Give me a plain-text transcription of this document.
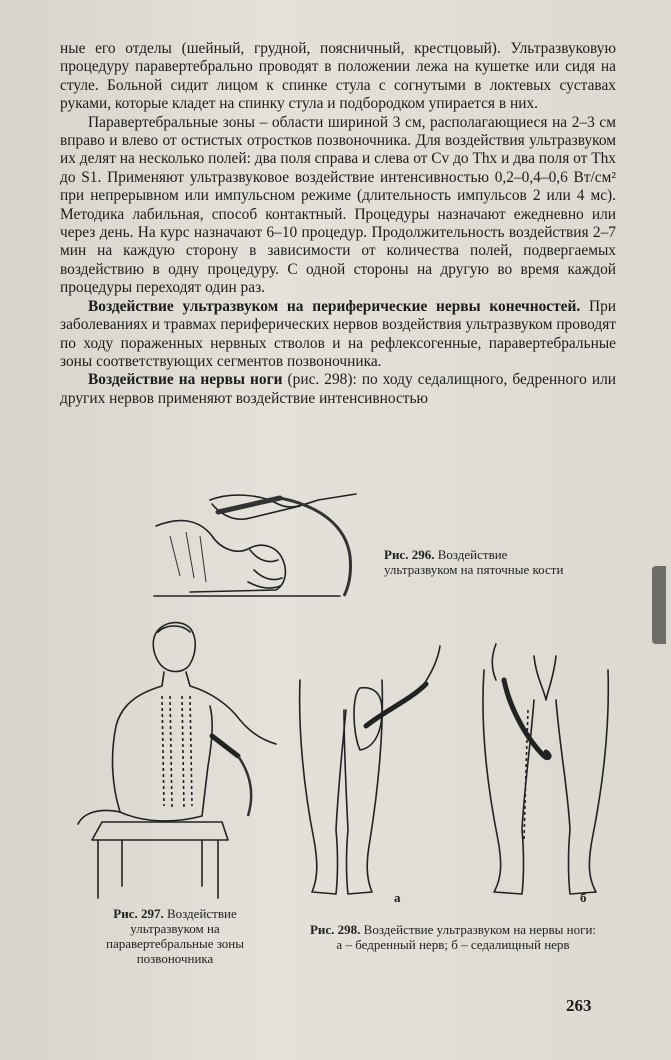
ные его отделы (шейный, грудной, поясничный, крестцовый). Ультразвуковую процедуру паравертебрально проводят в положении лежа на кушетке или сидя на стуле. Больной сидит лицом к спинке стула с согнутыми в локтевых суставах руками, которые кладет на спинку стула и подбородком упирается в них.

Паравертебральные зоны – области шириной 3 см, располагающиеся на 2–3 см вправо и влево от остистых отростков позвоночника. Для воздействия ультразвуком их делят на несколько полей: два поля справа и слева от Cv до Thx и два поля от Thx до S1. Применяют ультразвуковое воздействие интенсивностью 0,2–0,4–0,6 Вт/см² при непрерывном или импульсном режиме (длительность импульсов 2 или 4 мс). Методика лабильная, способ контактный. Процедуры назначают ежедневно или через день. На курс назначают 6–10 процедур. Продолжительность воздействия 2–7 мин на каждую сторону в зависимости от количества полей, подвергаемых воздействию в одну процедуру. С одной стороны на другую во время каждой процедуры переходят один раз.

Воздействие ультразвуком на периферические нервы конечностей. При заболеваниях и травмах периферических нервов воздействия ультразвуком проводят по ходу пораженных нервных стволов и на рефлексогенные, паравертебральные зоны соответствующих сегментов позвоночника.

Воздействие на нервы ноги (рис. 298): по ходу седалищного, бедренного или других нервов применяют воздействие интенсивностью

Рис. 296. Воздействие ультразвуком на пяточные кости
Рис. 297. Воздействие ультразвуком на паравертебральные зоны позвоночника
а	б
Рис. 298. Воздействие ультразвуком на нервы ноги: а – бедренный нерв; б – седалищный нерв
263
